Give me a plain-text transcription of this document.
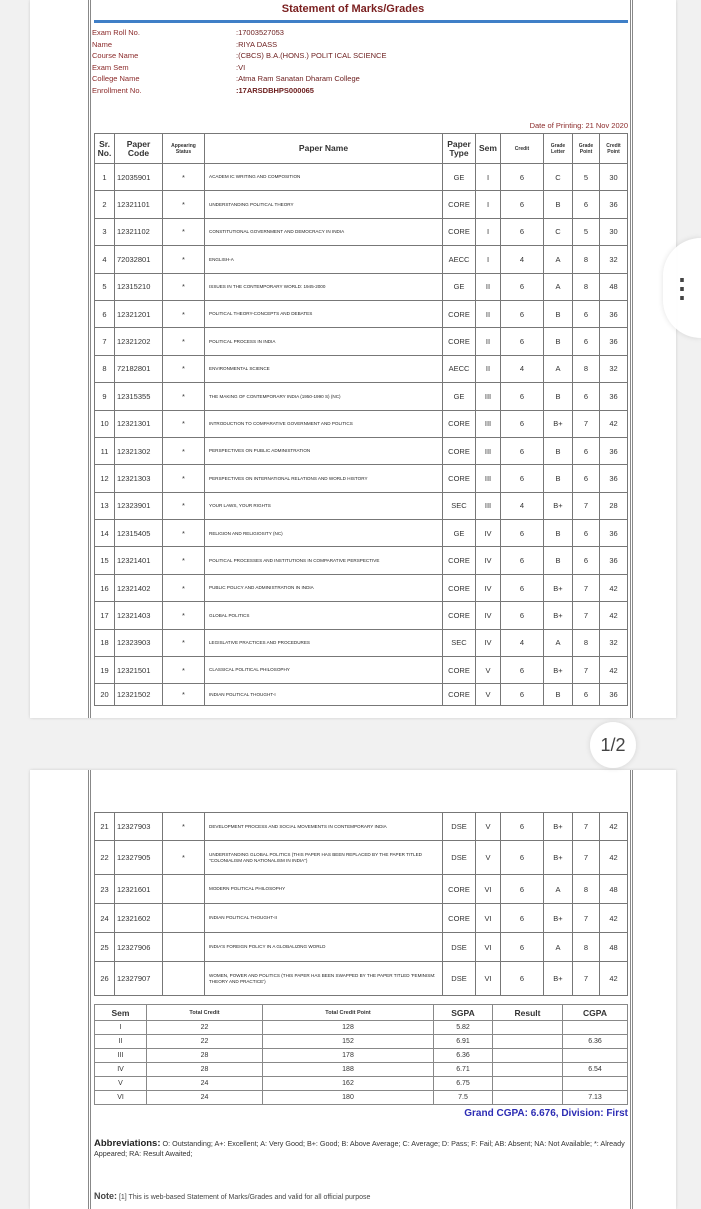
Statement of Marks/Grades
Exam Roll No.	:17003527053
Name	:RIYA DASS
Course Name	:(CBCS) B.A.(HONS.) POLIT ICAL SCIENCE
Exam Sem	:VI
College Name	:Atma Ram Sanatan Dharam College
Enrollment No.	:17ARSDBHPS000065
Date of Printing: 21 Nov 2020
Sr. No.	Paper Code	Appearing Status	Paper Name	Paper Type	Sem	Credit	Grade Letter	Grade Point	Credit Point
1	12035901	*	ACADEM IC WRITING AND COMPOSITION	GE	I	6	C	5	30
2	12321101	*	UNDERSTANDING POLITICAL THEORY	CORE	I	6	B	6	36
3	12321102	*	CONSTITUTIONAL GOVERNMENT AND DEMOCRACY IN INDIA	CORE	I	6	C	5	30
4	72032801	*	ENGLISH-A	AECC	I	4	A	8	32
5	12315210	*	ISSUES IN THE CONTEMPORARY WORLD: 1945-2000	GE	II	6	A	8	48
6	12321201	*	POLITICAL THEORY-CONCEPTS AND DEBATES	CORE	II	6	B	6	36
7	12321202	*	POLITICAL PROCESS IN INDIA	CORE	II	6	B	6	36
8	72182801	*	ENVIRONMENTAL SCIENCE	AECC	II	4	A	8	32
9	12315355	*	THE MAKING OF CONTEMPORARY INDIA (1950-1990 S) (NC)	GE	III	6	B	6	36
10	12321301	*	INTRODUCTION TO COMPARATIVE GOVERNMENT AND POLITICS	CORE	III	6	B+	7	42
11	12321302	*	PERSPECTIVES ON PUBLIC ADMINISTRATION	CORE	III	6	B	6	36
12	12321303	*	PERSPECTIVES ON INTERNATIONAL RELATIONS AND WORLD HISTORY	CORE	III	6	B	6	36
13	12323901	*	YOUR LAWS, YOUR RIGHTS	SEC	III	4	B+	7	28
14	12315405	*	RELIGION AND RELIGIOSITY (NC)	GE	IV	6	B	6	36
15	12321401	*	POLITICAL PROCESSES AND INSTITUTIONS IN COMPARATIVE PERSPECTIVE	CORE	IV	6	B	6	36
16	12321402	*	PUBLIC POLICY AND ADMINISTRATION IN INDIA	CORE	IV	6	B+	7	42
17	12321403	*	GLOBAL POLITICS	CORE	IV	6	B+	7	42
18	12323903	*	LEGISLATIVE PRACTICES AND PROCEDURES	SEC	IV	4	A	8	32
19	12321501	*	CLASSICAL POLITICAL PHILOSOPHY	CORE	V	6	B+	7	42
20	12321502	*	INDIAN POLITICAL THOUGHT-I	CORE	V	6	B	6	36
21	12327903	*	DEVELOPMENT PROCESS AND SOCIAL MOVEMENTS IN CONTEMPORARY INDIA	DSE	V	6	B+	7	42
22	12327905	*	UNDERSTANDING GLOBAL POLITICS (THIS PAPER HAS BEEN REPLACED BY THE PAPER TITLED "COLONIALISM AND NATIONALISM IN INDIA")	DSE	V	6	B+	7	42
23	12321601		MODERN POLITICAL PHILOSOPHY	CORE	VI	6	A	8	48
24	12321602		INDIAN POLITICAL THOUGHT-II	CORE	VI	6	B+	7	42
25	12327906		INDIA'S FOREIGN POLICY IN A GLOBALIZING WORLD	DSE	VI	6	A	8	48
26	12327907		WOMEN, POWER AND POLITICS (THIS PAPER HAS BEEN SWAPPED BY THE PAPER TITLED 'FEMINISM: THEORY AND PRACTICE')	DSE	VI	6	B+	7	42
Sem	Total Credit	Total Credit Point	SGPA	Result	CGPA
I	22	128	5.82		
II	22	152	6.91		6.36
III	28	178	6.36		
IV	28	188	6.71		6.54
V	24	162	6.75		
VI	24	180	7.5		7.13
Grand CGPA: 6.676, Division: First
Abbreviations: O: Outstanding; A+: Excellent; A: Very Good; B+: Good; B: Above Average; C: Average; D: Pass; F: Fail; AB: Absent; NA: Not Available; *: Already Appeared; RA: Result Awaited;
Note: [1] This is web-based Statement of Marks/Grades and valid for all official purpose
1/2
⋮
